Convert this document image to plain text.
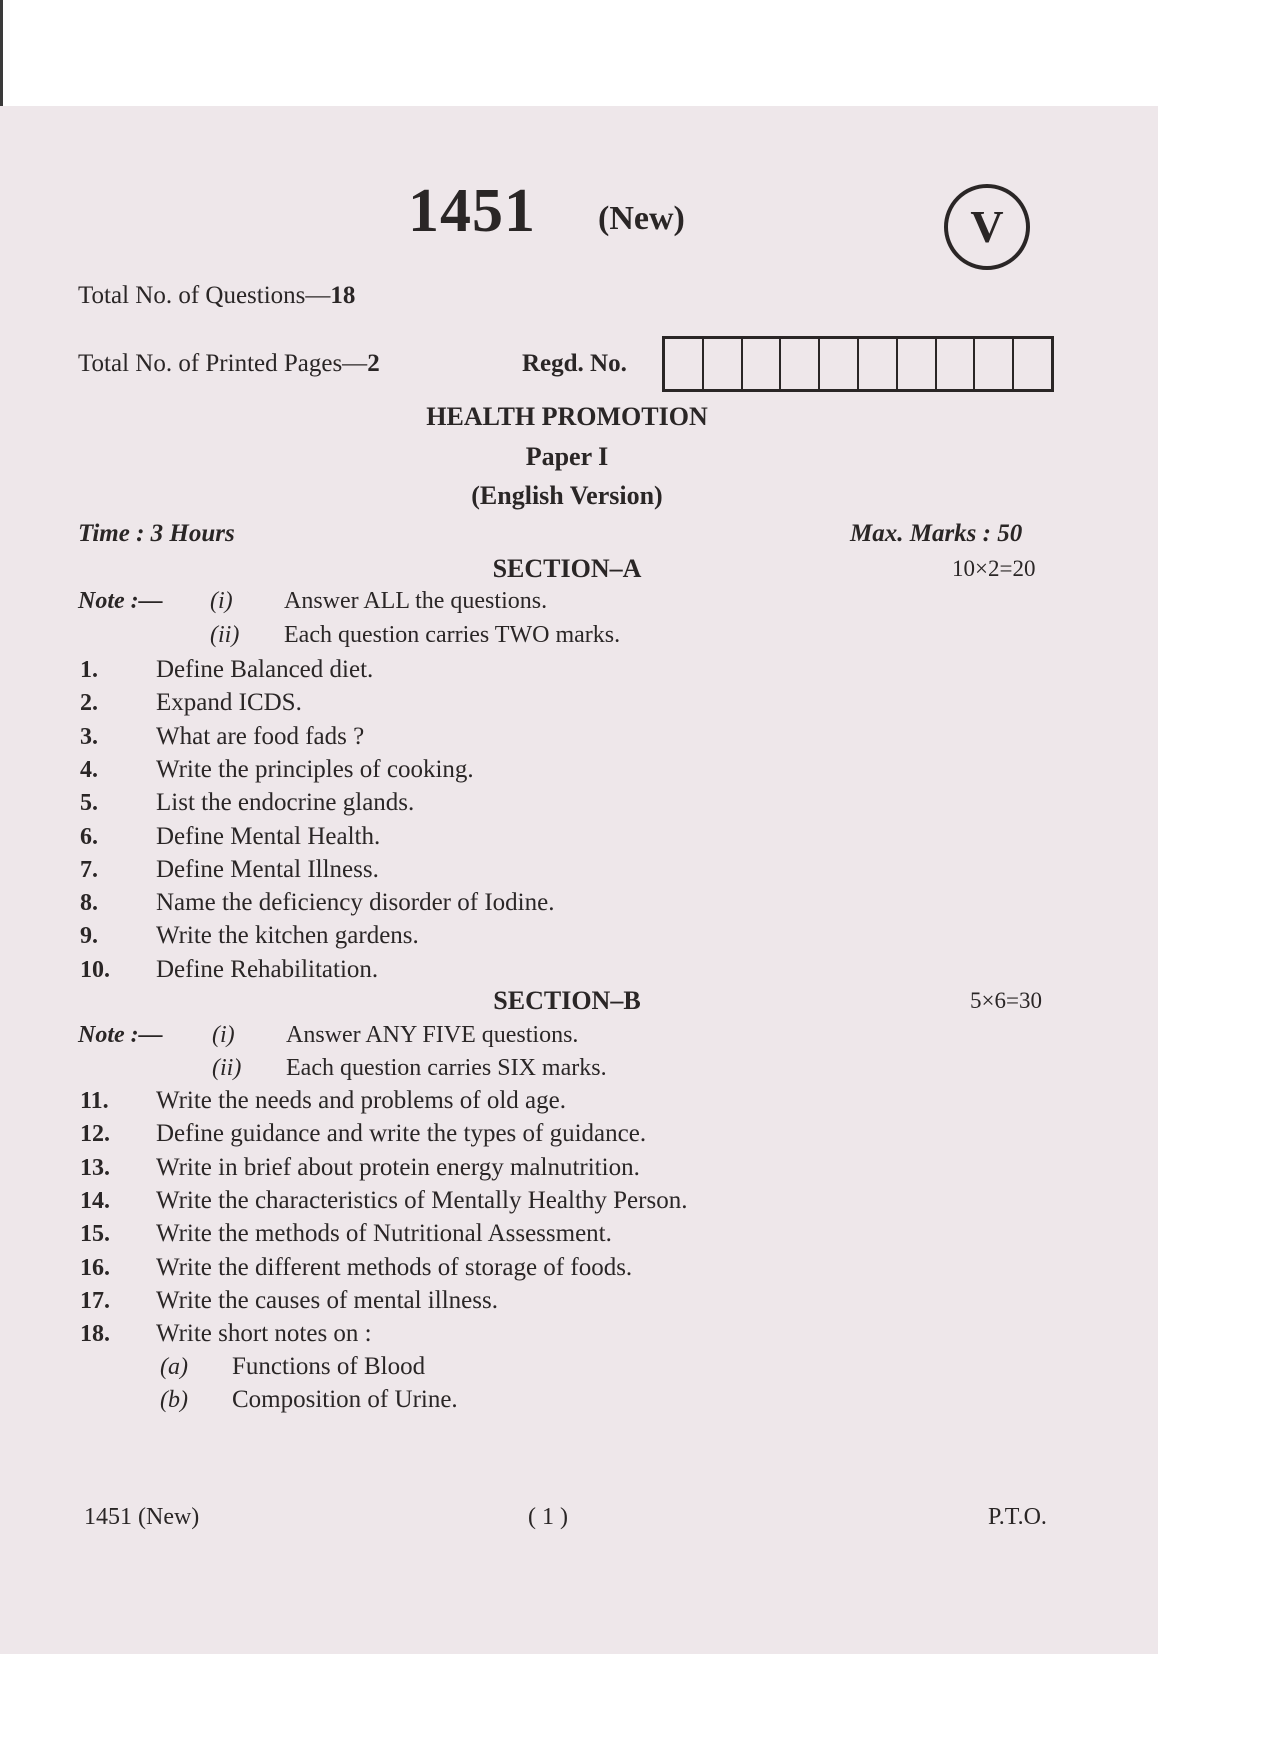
1451 (New)	V
Total No. of Questions—18
Total No. of Printed Pages—2	Regd. No.
HEALTH PROMOTION
Paper I
(English Version)
Time : 3 Hours	Max. Marks : 50
SECTION–A	10×2=20
Note :— (i) Answer ALL the questions.
(ii) Each question carries TWO marks.
1. Define Balanced diet.
2. Expand ICDS.
3. What are food fads ?
4. Write the principles of cooking.
5. List the endocrine glands.
6. Define Mental Health.
7. Define Mental Illness.
8. Name the deficiency disorder of Iodine.
9. Write the kitchen gardens.
10. Define Rehabilitation.
SECTION–B	5×6=30
Note :— (i) Answer ANY FIVE questions.
(ii) Each question carries SIX marks.
11. Write the needs and problems of old age.
12. Define guidance and write the types of guidance.
13. Write in brief about protein energy malnutrition.
14. Write the characteristics of Mentally Healthy Person.
15. Write the methods of Nutritional Assessment.
16. Write the different methods of storage of foods.
17. Write the causes of mental illness.
18. Write short notes on :
(a) Functions of Blood
(b) Composition of Urine.
1451 (New)	( 1 )	P.T.O.
